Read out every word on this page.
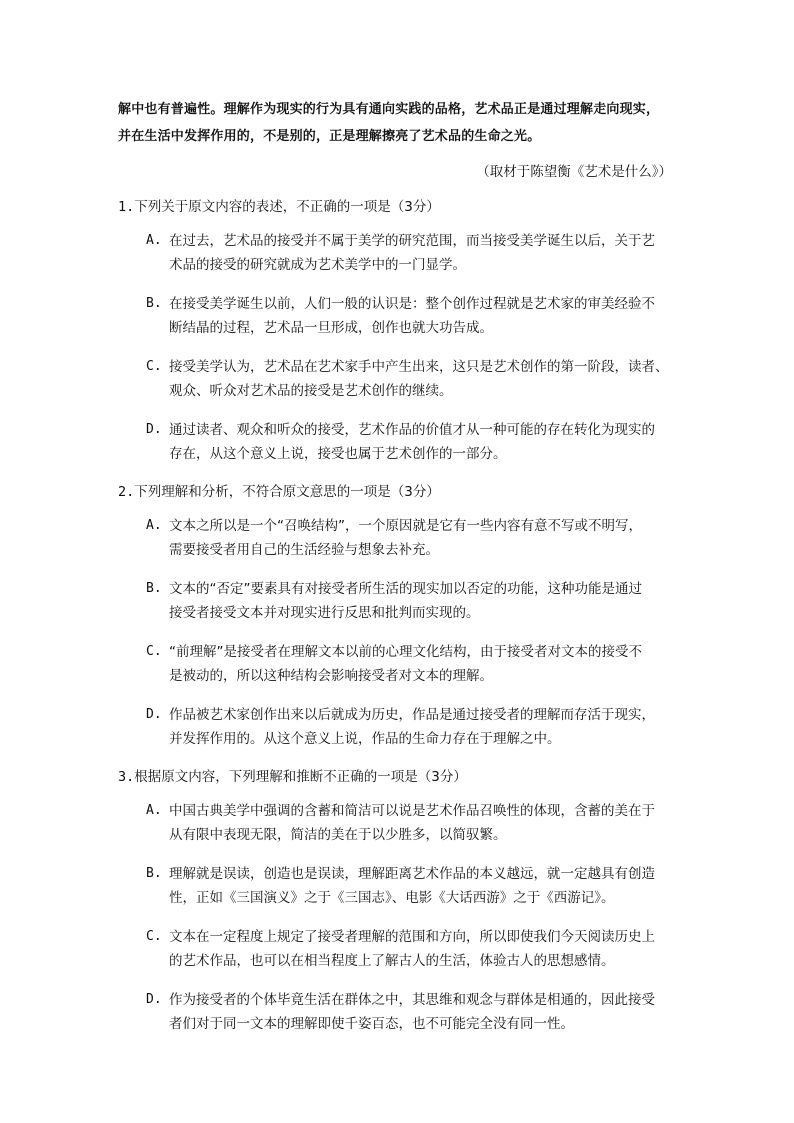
解中也有普遍性。理解作为现实的行为具有通向实践的品格，艺术品正是通过理解走向现实，

并在生活中发挥作用的，不是别的，正是理解擦亮了艺术品的生命之光。

（取材于陈望衡《艺术是什么》）

1.下列关于原文内容的表述，不正确的一项是（3分）

A. 在过去，艺术品的接受并不属于美学的研究范围，而当接受美学诞生以后，关于艺
术品的接受的研究就成为艺术美学中的一门显学。
B. 在接受美学诞生以前，人们一般的认识是：整个创作过程就是艺术家的审美经验不
断结晶的过程，艺术品一旦形成，创作也就大功告成。
C. 接受美学认为，艺术品在艺术家手中产生出来，这只是艺术创作的第一阶段，读者、
观众、听众对艺术品的接受是艺术创作的继续。
D. 通过读者、观众和听众的接受，艺术作品的价值才从一种可能的存在转化为现实的
存在，从这个意义上说，接受也属于艺术创作的一部分。

2.下列理解和分析，不符合原文意思的一项是（3分）

A. 文本之所以是一个“召唤结构”，一个原因就是它有一些内容有意不写或不明写，
需要接受者用自己的生活经验与想象去补充。
B. 文本的“否定”要素具有对接受者所生活的现实加以否定的功能，这种功能是通过
接受者接受文本并对现实进行反思和批判而实现的。
C. “前理解”是接受者在理解文本以前的心理文化结构，由于接受者对文本的接受不
是被动的，所以这种结构会影响接受者对文本的理解。
D. 作品被艺术家创作出来以后就成为历史，作品是通过接受者的理解而存活于现实，
并发挥作用的。从这个意义上说，作品的生命力存在于理解之中。

3.根据原文内容，下列理解和推断不正确的一项是（3分）

A. 中国古典美学中强调的含蓄和简洁可以说是艺术作品召唤性的体现，含蓄的美在于
从有限中表现无限，简洁的美在于以少胜多，以简驭繁。
B. 理解就是误读，创造也是误读，理解距离艺术作品的本义越远，就一定越具有创造
性，正如《三国演义》之于《三国志》、电影《大话西游》之于《西游记》。
C. 文本在一定程度上规定了接受者理解的范围和方向，所以即使我们今天阅读历史上
的艺术作品，也可以在相当程度上了解古人的生活，体验古人的思想感情。
D. 作为接受者的个体毕竟生活在群体之中，其思维和观念与群体是相通的，因此接受
者们对于同一文本的理解即使千姿百态，也不可能完全没有同一性。
